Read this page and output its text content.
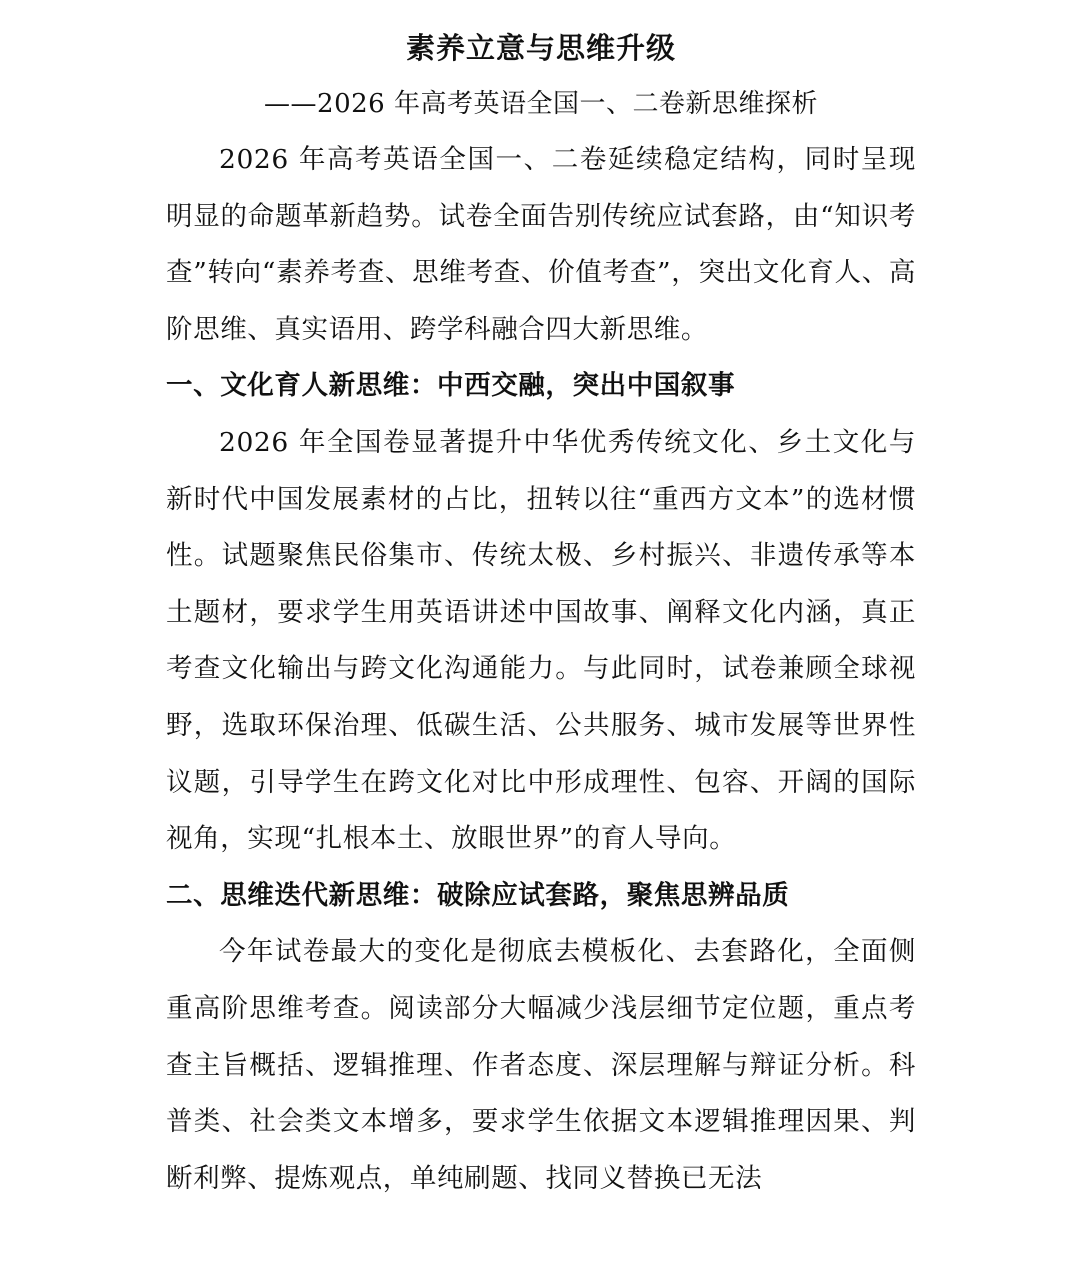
素养立意与思维升级
——2026 年高考英语全国一、二卷新思维探析

2026 年高考英语全国一、二卷延续稳定结构，同时呈现明显的命题革新趋势。试卷全面告别传统应试套路，由“知识考查”转向“素养考查、思维考查、价值考查”，突出文化育人、高阶思维、真实语用、跨学科融合四大新思维。

一、文化育人新思维：中西交融，突出中国叙事

2026 年全国卷显著提升中华优秀传统文化、乡土文化与新时代中国发展素材的占比，扭转以往“重西方文本”的选材惯性。试题聚焦民俗集市、传统太极、乡村振兴、非遗传承等本土题材，要求学生用英语讲述中国故事、阐释文化内涵，真正考查文化输出与跨文化沟通能力。与此同时，试卷兼顾全球视野，选取环保治理、低碳生活、公共服务、城市发展等世界性议题，引导学生在跨文化对比中形成理性、包容、开阔的国际视角，实现“扎根本土、放眼世界”的育人导向。

二、思维迭代新思维：破除应试套路，聚焦思辨品质

今年试卷最大的变化是彻底去模板化、去套路化，全面侧重高阶思维考查。阅读部分大幅减少浅层细节定位题，重点考查主旨概括、逻辑推理、作者态度、深层理解与辩证分析。科普类、社会类文本增多，要求学生依据文本逻辑推理因果、判断利弊、提炼观点，单纯刷题、找同义替换已无法
